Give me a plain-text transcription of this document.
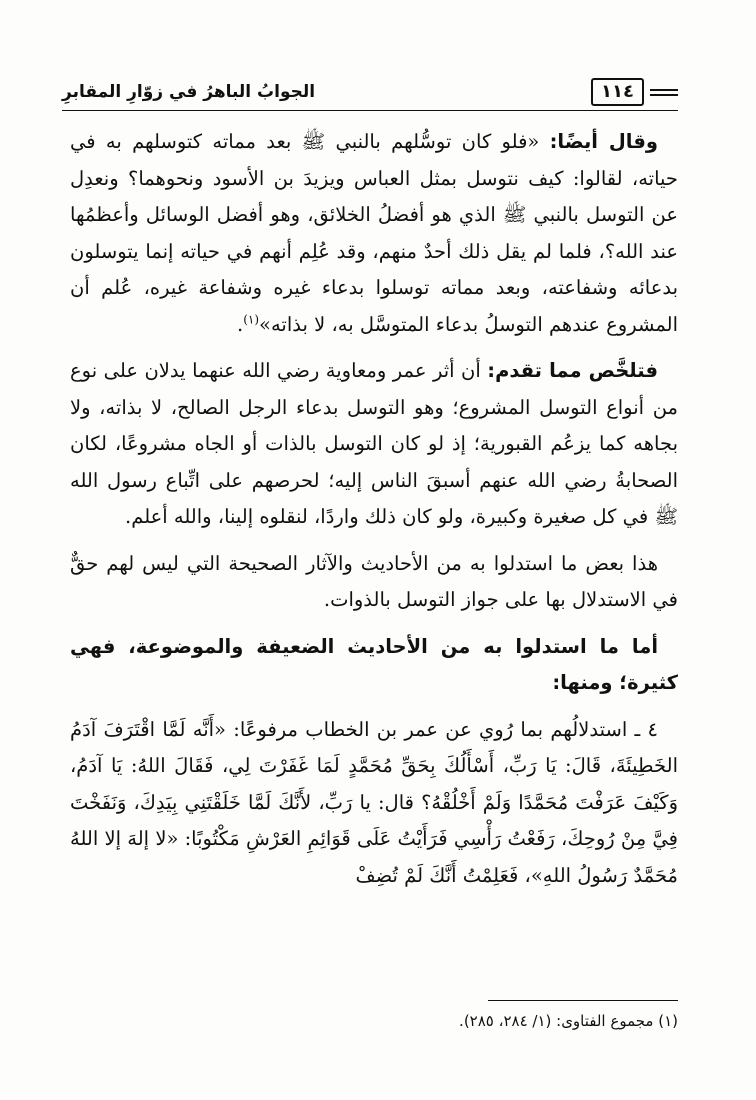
١١٤
الجوابُ الباهرُ في زوّارِ المقابرِ

وقال أيضًا: «فلو كان توسُّلهم بالنبي ﷺ بعد مماته كتوسلهم به في حياته، لقالوا: كيف نتوسل بمثل العباس ويزيدَ بن الأسود ونحوهما؟ ونعدِل عن التوسل بالنبي ﷺ الذي هو أفضلُ الخلائق، وهو أفضل الوسائل وأعظمُها عند الله؟، فلما لم يقل ذلك أحدٌ منهم، وقد عُلِم أنهم في حياته إنما يتوسلون بدعائه وشفاعته، وبعد مماته توسلوا بدعاء غيره وشفاعة غيره، عُلم أن المشروع عندهم التوسلُ بدعاء المتوسَّل به، لا بذاته»$^{(١)}$.

فتلخَّص مما تقدم: أن أثر عمر ومعاوية رضي الله عنهما يدلان على نوع من أنواع التوسل المشروع؛ وهو التوسل بدعاء الرجل الصالح، لا بذاته، ولا بجاهه كما يزعُم القبورية؛ إذ لو كان التوسل بالذات أو الجاه مشروعًا، لكان الصحابةُ رضي الله عنهم أسبقَ الناس إليه؛ لحرصهم على اتِّباع رسول الله ﷺ في كل صغيرة وكبيرة، ولو كان ذلك واردًا، لنقلوه إلينا، والله أعلم.

هذا بعض ما استدلوا به من الأحاديث والآثار الصحيحة التي ليس لهم حقٌّ في الاستدلال بها على جواز التوسل بالذوات.

أما ما استدلوا به من الأحاديث الضعيفة والموضوعة، فهي كثيرة؛ ومنها:

٤ ـ استدلالُهم بما رُوي عن عمر بن الخطاب مرفوعًا: «أَنَّه لَمَّا اقْتَرَفَ آدَمُ الخَطِيئَةَ، قَالَ: يَا رَبِّ، أَسْأَلُكَ بِحَقِّ مُحَمَّدٍ لَمَا غَفَرْتَ لِي، فَقَالَ اللهُ: يَا آدَمُ، وَكَيْفَ عَرَفْتَ مُحَمَّدًا وَلَمْ أَخْلُقْهُ؟ قال: يا رَبِّ، لأَنَّكَ لَمَّا خَلَقْتَنِي بِيَدِكَ، وَنَفَخْتَ فِيَّ مِنْ رُوحِكَ، رَفَعْتُ رَأْسِي فَرَأَيْتُ عَلَى قَوَائِمِ العَرْشِ مَكْتُوبًا: «لا إلهَ إلا اللهُ مُحَمَّدٌ رَسُولُ اللهِ»، فَعَلِمْتُ أَنَّكَ لَمْ تُضِفْ

(١) مجموع الفتاوى: (١/ ٢٨٤، ٢٨٥).
